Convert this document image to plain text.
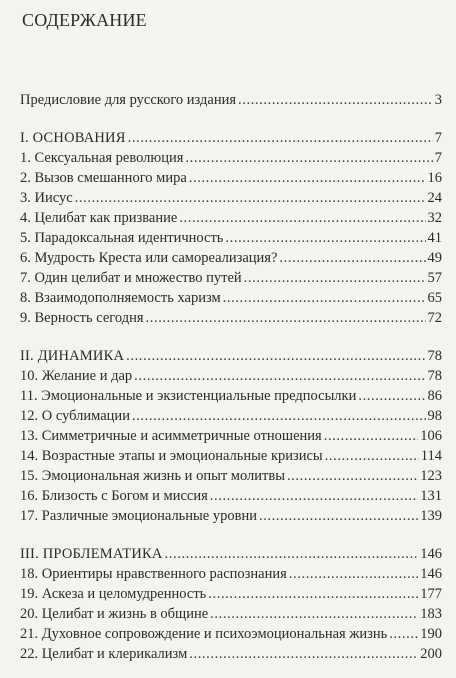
СОДЕРЖАНИЕ
Предисловие для русского издания .....	3
I. ОСНОВАНИЯ .....	7
1. Сексуальная революция .....	7
2. Вызов смешанного мира .....	16
3. Иисус .....	24
4. Целибат как призвание .....	32
5. Парадоксальная идентичность .....	41
6. Мудрость Креста или самореализация? .....	49
7. Один целибат и множество путей .....	57
8. Взаимодополняемость харизм .....	65
9. Верность сегодня .....	72
II. ДИНАМИКА .....	78
10. Желание и дар .....	78
11. Эмоциональные и экзистенциальные предпосылки .....	86
12. О сублимации .....	98
13. Симметричные и асимметричные отношения .....	106
14. Возрастные этапы и эмоциональные кризисы .....	114
15. Эмоциональная жизнь и опыт молитвы .....	123
16. Близость с Богом и миссия .....	131
17. Различные эмоциональные уровни .....	139
III. ПРОБЛЕМАТИКА .....	146
18. Ориентиры нравственного распознания .....	146
19. Аскеза и целомудренность .....	177
20. Целибат и жизнь в общине .....	183
21. Духовное сопровождение и психоэмоциональная жизнь ..... 190
22. Целибат и клерикализм .....	200
